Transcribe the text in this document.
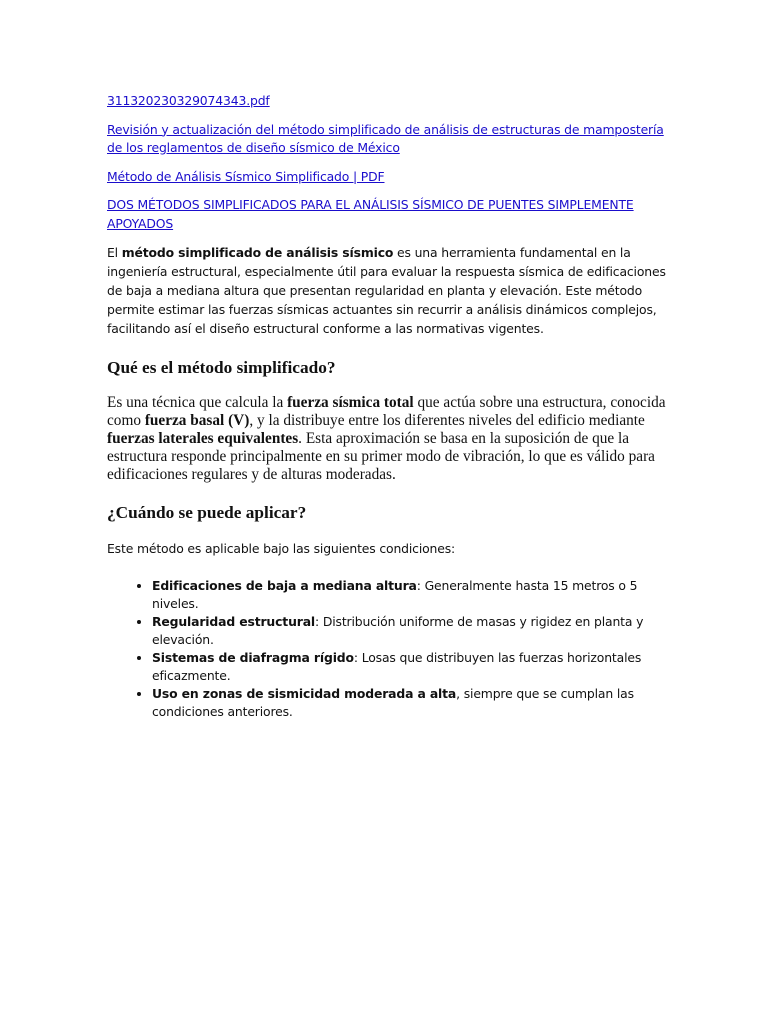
311320230329074343.pdf
Revisión y actualización del método simplificado de análisis de estructuras de mampostería de los reglamentos de diseño sísmico de México
Método de Análisis Sísmico Simplificado | PDF
DOS MÉTODOS SIMPLIFICADOS PARA EL ANÁLISIS SÍSMICO DE PUENTES SIMPLEMENTE APOYADOS

El método simplificado de análisis sísmico es una herramienta fundamental en la ingeniería estructural, especialmente útil para evaluar la respuesta sísmica de edificaciones de baja a mediana altura que presentan regularidad en planta y elevación. Este método permite estimar las fuerzas sísmicas actuantes sin recurrir a análisis dinámicos complejos, facilitando así el diseño estructural conforme a las normativas vigentes.

Qué es el método simplificado?

Es una técnica que calcula la fuerza sísmica total que actúa sobre una estructura, conocida como fuerza basal (V), y la distribuye entre los diferentes niveles del edificio mediante fuerzas laterales equivalentes. Esta aproximación se basa en la suposición de que la estructura responde principalmente en su primer modo de vibración, lo que es válido para edificaciones regulares y de alturas moderadas.

¿Cuándo se puede aplicar?

Este método es aplicable bajo las siguientes condiciones:

• Edificaciones de baja a mediana altura: Generalmente hasta 15 metros o 5 niveles.
• Regularidad estructural: Distribución uniforme de masas y rigidez en planta y elevación.
• Sistemas de diafragma rígido: Losas que distribuyen las fuerzas horizontales eficazmente.
• Uso en zonas de sismicidad moderada a alta, siempre que se cumplan las condiciones anteriores.
